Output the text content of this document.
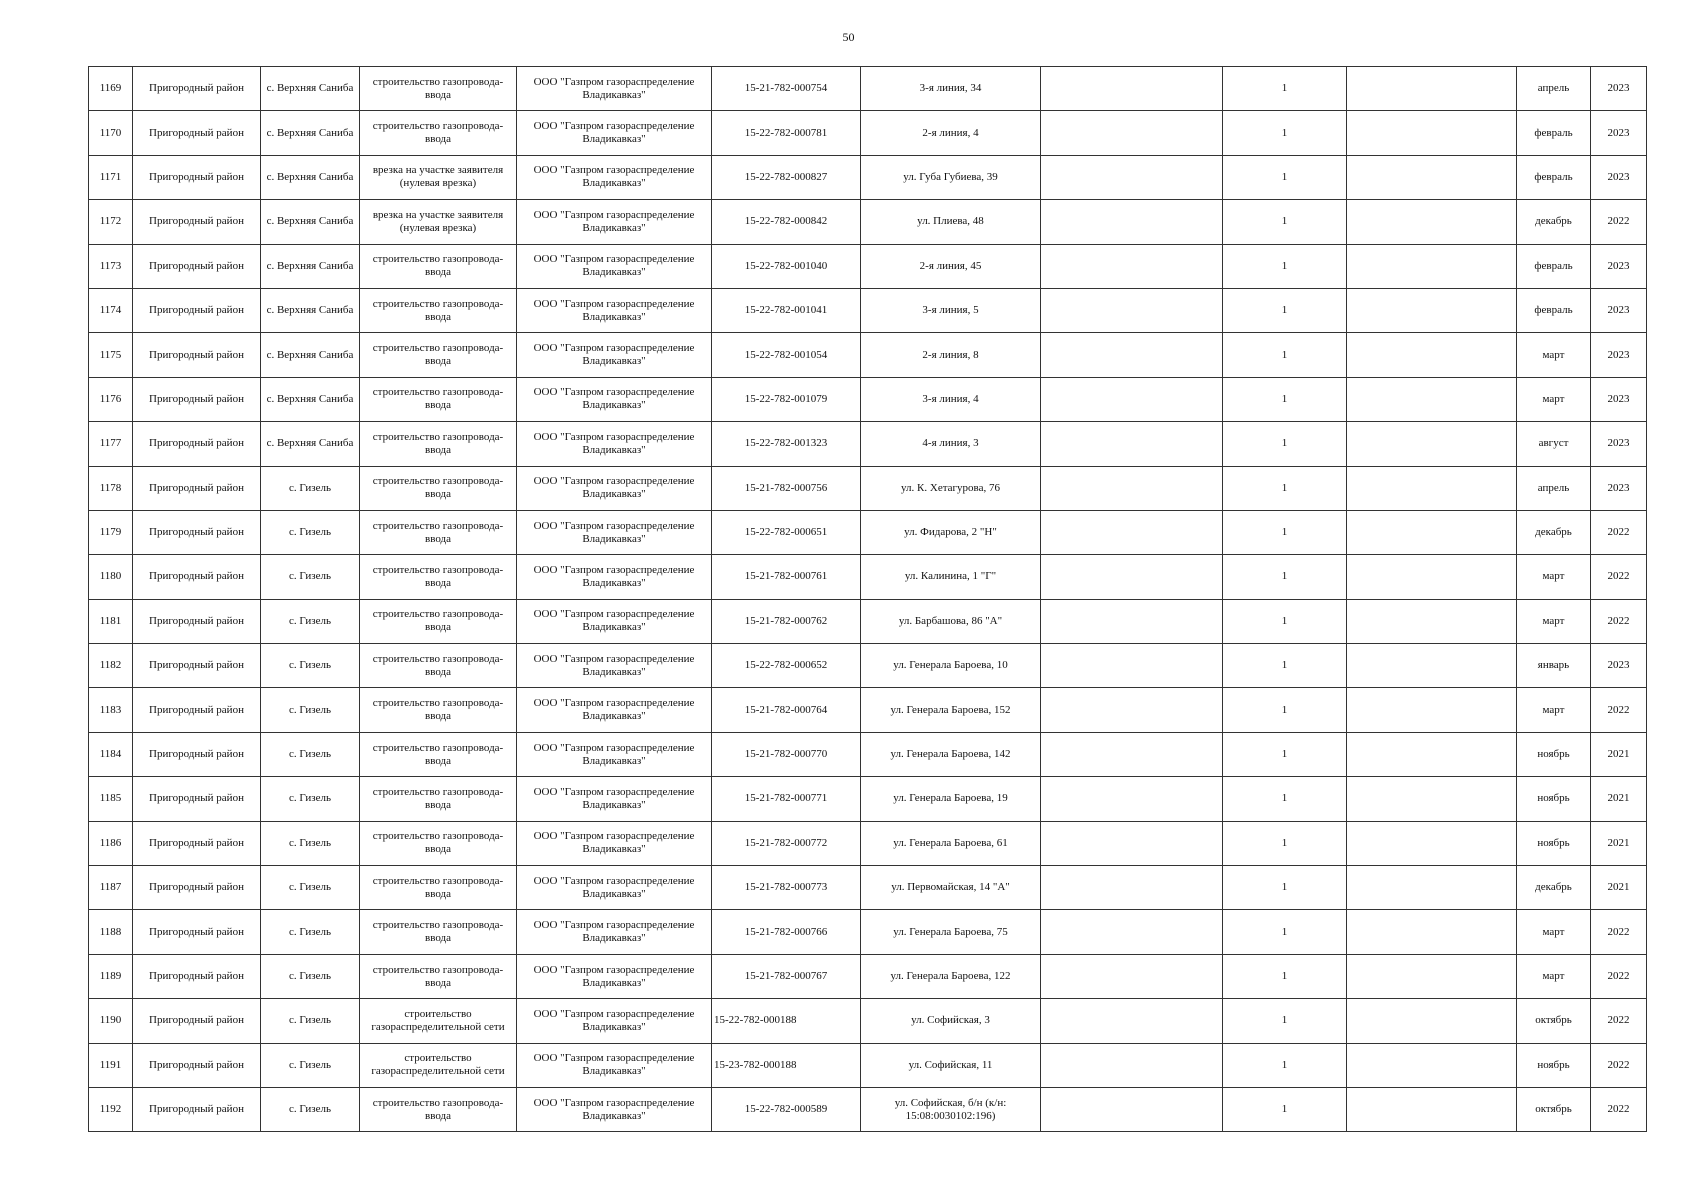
50
1169	Пригородный район	с. Верхняя Саниба	строительство газопровода-ввода	ООО "Газпром газораспределение Владикавказ"	15-21-782-000754	3-я линия, 34		1		апрель	2023
1170	Пригородный район	с. Верхняя Саниба	строительство газопровода-ввода	ООО "Газпром газораспределение Владикавказ"	15-22-782-000781	2-я линия, 4		1		февраль	2023
1171	Пригородный район	с. Верхняя Саниба	врезка на участке заявителя (нулевая врезка)	ООО "Газпром газораспределение Владикавказ"	15-22-782-000827	ул. Губа Губиева, 39		1		февраль	2023
1172	Пригородный район	с. Верхняя Саниба	врезка на участке заявителя (нулевая врезка)	ООО "Газпром газораспределение Владикавказ"	15-22-782-000842	ул. Плиева, 48		1		декабрь	2022
1173	Пригородный район	с. Верхняя Саниба	строительство газопровода-ввода	ООО "Газпром газораспределение Владикавказ"	15-22-782-001040	2-я линия, 45		1		февраль	2023
1174	Пригородный район	с. Верхняя Саниба	строительство газопровода-ввода	ООО "Газпром газораспределение Владикавказ"	15-22-782-001041	3-я линия, 5		1		февраль	2023
1175	Пригородный район	с. Верхняя Саниба	строительство газопровода-ввода	ООО "Газпром газораспределение Владикавказ"	15-22-782-001054	2-я линия, 8		1		март	2023
1176	Пригородный район	с. Верхняя Саниба	строительство газопровода-ввода	ООО "Газпром газораспределение Владикавказ"	15-22-782-001079	3-я линия, 4		1		март	2023
1177	Пригородный район	с. Верхняя Саниба	строительство газопровода-ввода	ООО "Газпром газораспределение Владикавказ"	15-22-782-001323	4-я линия, 3		1		август	2023
1178	Пригородный район	с. Гизель	строительство газопровода-ввода	ООО "Газпром газораспределение Владикавказ"	15-21-782-000756	ул. К. Хетагурова, 76		1		апрель	2023
1179	Пригородный район	с. Гизель	строительство газопровода-ввода	ООО "Газпром газораспределение Владикавказ"	15-22-782-000651	ул. Фидарова, 2 "Н"		1		декабрь	2022
1180	Пригородный район	с. Гизель	строительство газопровода-ввода	ООО "Газпром газораспределение Владикавказ"	15-21-782-000761	ул. Калинина, 1 "Г"		1		март	2022
1181	Пригородный район	с. Гизель	строительство газопровода-ввода	ООО "Газпром газораспределение Владикавказ"	15-21-782-000762	ул. Барбашова, 86 "А"		1		март	2022
1182	Пригородный район	с. Гизель	строительство газопровода-ввода	ООО "Газпром газораспределение Владикавказ"	15-22-782-000652	ул. Генерала Бароева, 10		1		январь	2023
1183	Пригородный район	с. Гизель	строительство газопровода-ввода	ООО "Газпром газораспределение Владикавказ"	15-21-782-000764	ул. Генерала Бароева, 152		1		март	2022
1184	Пригородный район	с. Гизель	строительство газопровода-ввода	ООО "Газпром газораспределение Владикавказ"	15-21-782-000770	ул. Генерала Бароева, 142		1		ноябрь	2021
1185	Пригородный район	с. Гизель	строительство газопровода-ввода	ООО "Газпром газораспределение Владикавказ"	15-21-782-000771	ул. Генерала Бароева, 19		1		ноябрь	2021
1186	Пригородный район	с. Гизель	строительство газопровода-ввода	ООО "Газпром газораспределение Владикавказ"	15-21-782-000772	ул. Генерала Бароева, 61		1		ноябрь	2021
1187	Пригородный район	с. Гизель	строительство газопровода-ввода	ООО "Газпром газораспределение Владикавказ"	15-21-782-000773	ул. Первомайская, 14 "А"		1		декабрь	2021
1188	Пригородный район	с. Гизель	строительство газопровода-ввода	ООО "Газпром газораспределение Владикавказ"	15-21-782-000766	ул. Генерала Бароева, 75		1		март	2022
1189	Пригородный район	с. Гизель	строительство газопровода-ввода	ООО "Газпром газораспределение Владикавказ"	15-21-782-000767	ул. Генерала Бароева, 122		1		март	2022
1190	Пригородный район	с. Гизель	строительство газораспределительной сети	ООО "Газпром газораспределение Владикавказ"	15-22-782-000188	ул. Софийская, 3		1		октябрь	2022
1191	Пригородный район	с. Гизель	строительство газораспределительной сети	ООО "Газпром газораспределение Владикавказ"	15-23-782-000188	ул. Софийская, 11		1		ноябрь	2022
1192	Пригородный район	с. Гизель	строительство газопровода-ввода	ООО "Газпром газораспределение Владикавказ"	15-22-782-000589	ул. Софийская, б/н (к/н: 15:08:0030102:196)		1		октябрь	2022
